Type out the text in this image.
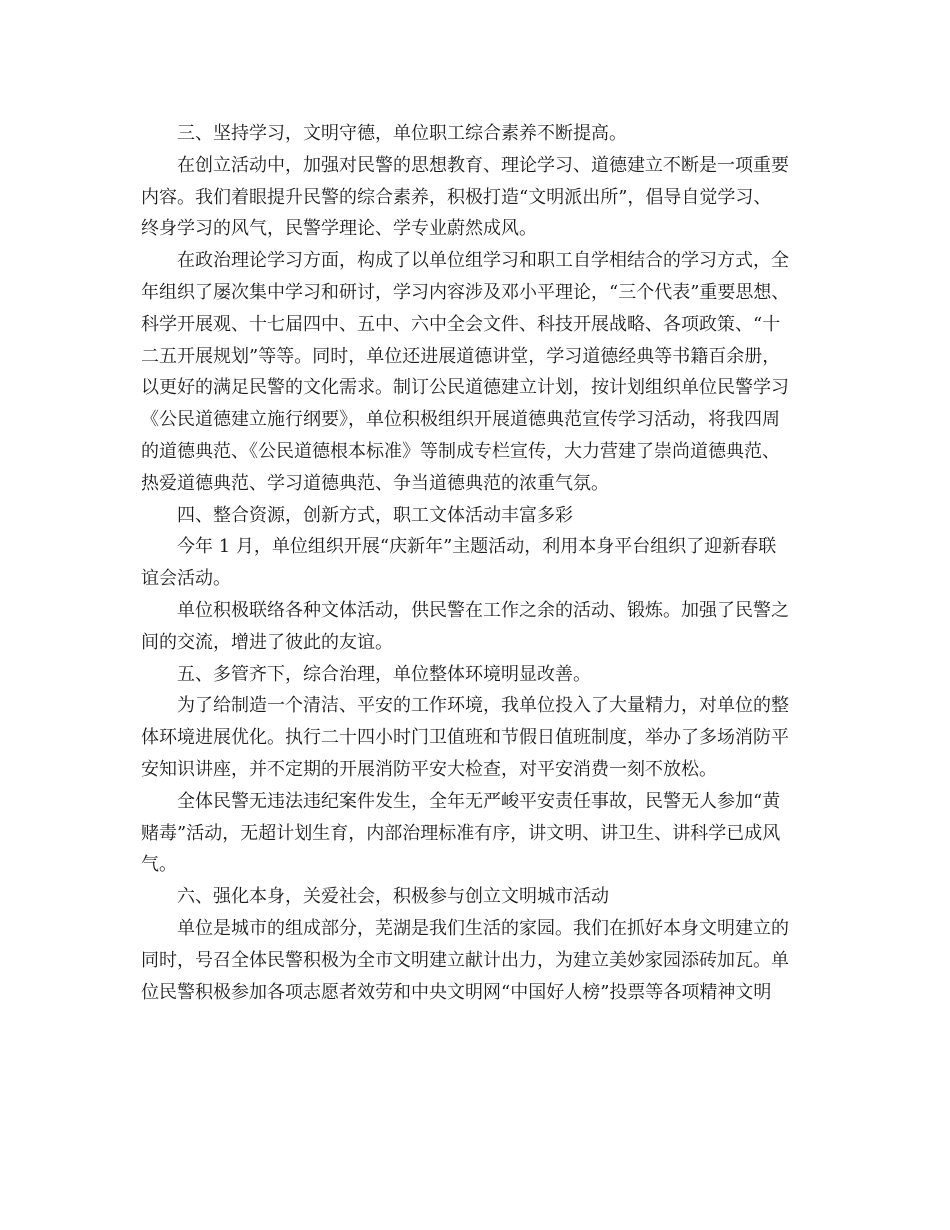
三、坚持学习，文明守德，单位职工综合素养不断提高。
在创立活动中，加强对民警的思想教育、理论学习、道德建立不断是一项重要
内容。我们着眼提升民警的综合素养，积极打造“文明派出所”，倡导自觉学习、
终身学习的风气，民警学理论、学专业蔚然成风。
在政治理论学习方面，构成了以单位组学习和职工自学相结合的学习方式，全
年组织了屡次集中学习和研讨，学习内容涉及邓小平理论，“三个代表”重要思想、
科学开展观、十七届四中、五中、六中全会文件、科技开展战略、各项政策、“十
二五开展规划”等等。同时，单位还进展道德讲堂，学习道德经典等书籍百余册，
以更好的满足民警的文化需求。制订公民道德建立计划，按计划组织单位民警学习
《公民道德建立施行纲要》，单位积极组织开展道德典范宣传学习活动，将我四周
的道德典范、《公民道德根本标准》等制成专栏宣传，大力营建了崇尚道德典范、
热爱道德典范、学习道德典范、争当道德典范的浓重气氛。
四、整合资源，创新方式，职工文体活动丰富多彩
今年 1 月，单位组织开展“庆新年”主题活动，利用本身平台组织了迎新春联
谊会活动。
单位积极联络各种文体活动，供民警在工作之余的活动、锻炼。加强了民警之
间的交流，增进了彼此的友谊。
五、多管齐下，综合治理，单位整体环境明显改善。
为了给制造一个清洁、平安的工作环境，我单位投入了大量精力，对单位的整
体环境进展优化。执行二十四小时门卫值班和节假日值班制度，举办了多场消防平
安知识讲座，并不定期的开展消防平安大检查，对平安消费一刻不放松。
全体民警无违法违纪案件发生，全年无严峻平安责任事故，民警无人参加“黄
赌毒”活动，无超计划生育，内部治理标准有序，讲文明、讲卫生、讲科学已成风
气。
六、强化本身，关爱社会，积极参与创立文明城市活动
单位是城市的组成部分，芜湖是我们生活的家园。我们在抓好本身文明建立的
同时，号召全体民警积极为全市文明建立献计出力，为建立美妙家园添砖加瓦。单
位民警积极参加各项志愿者效劳和中央文明网“中国好人榜”投票等各项精神文明
